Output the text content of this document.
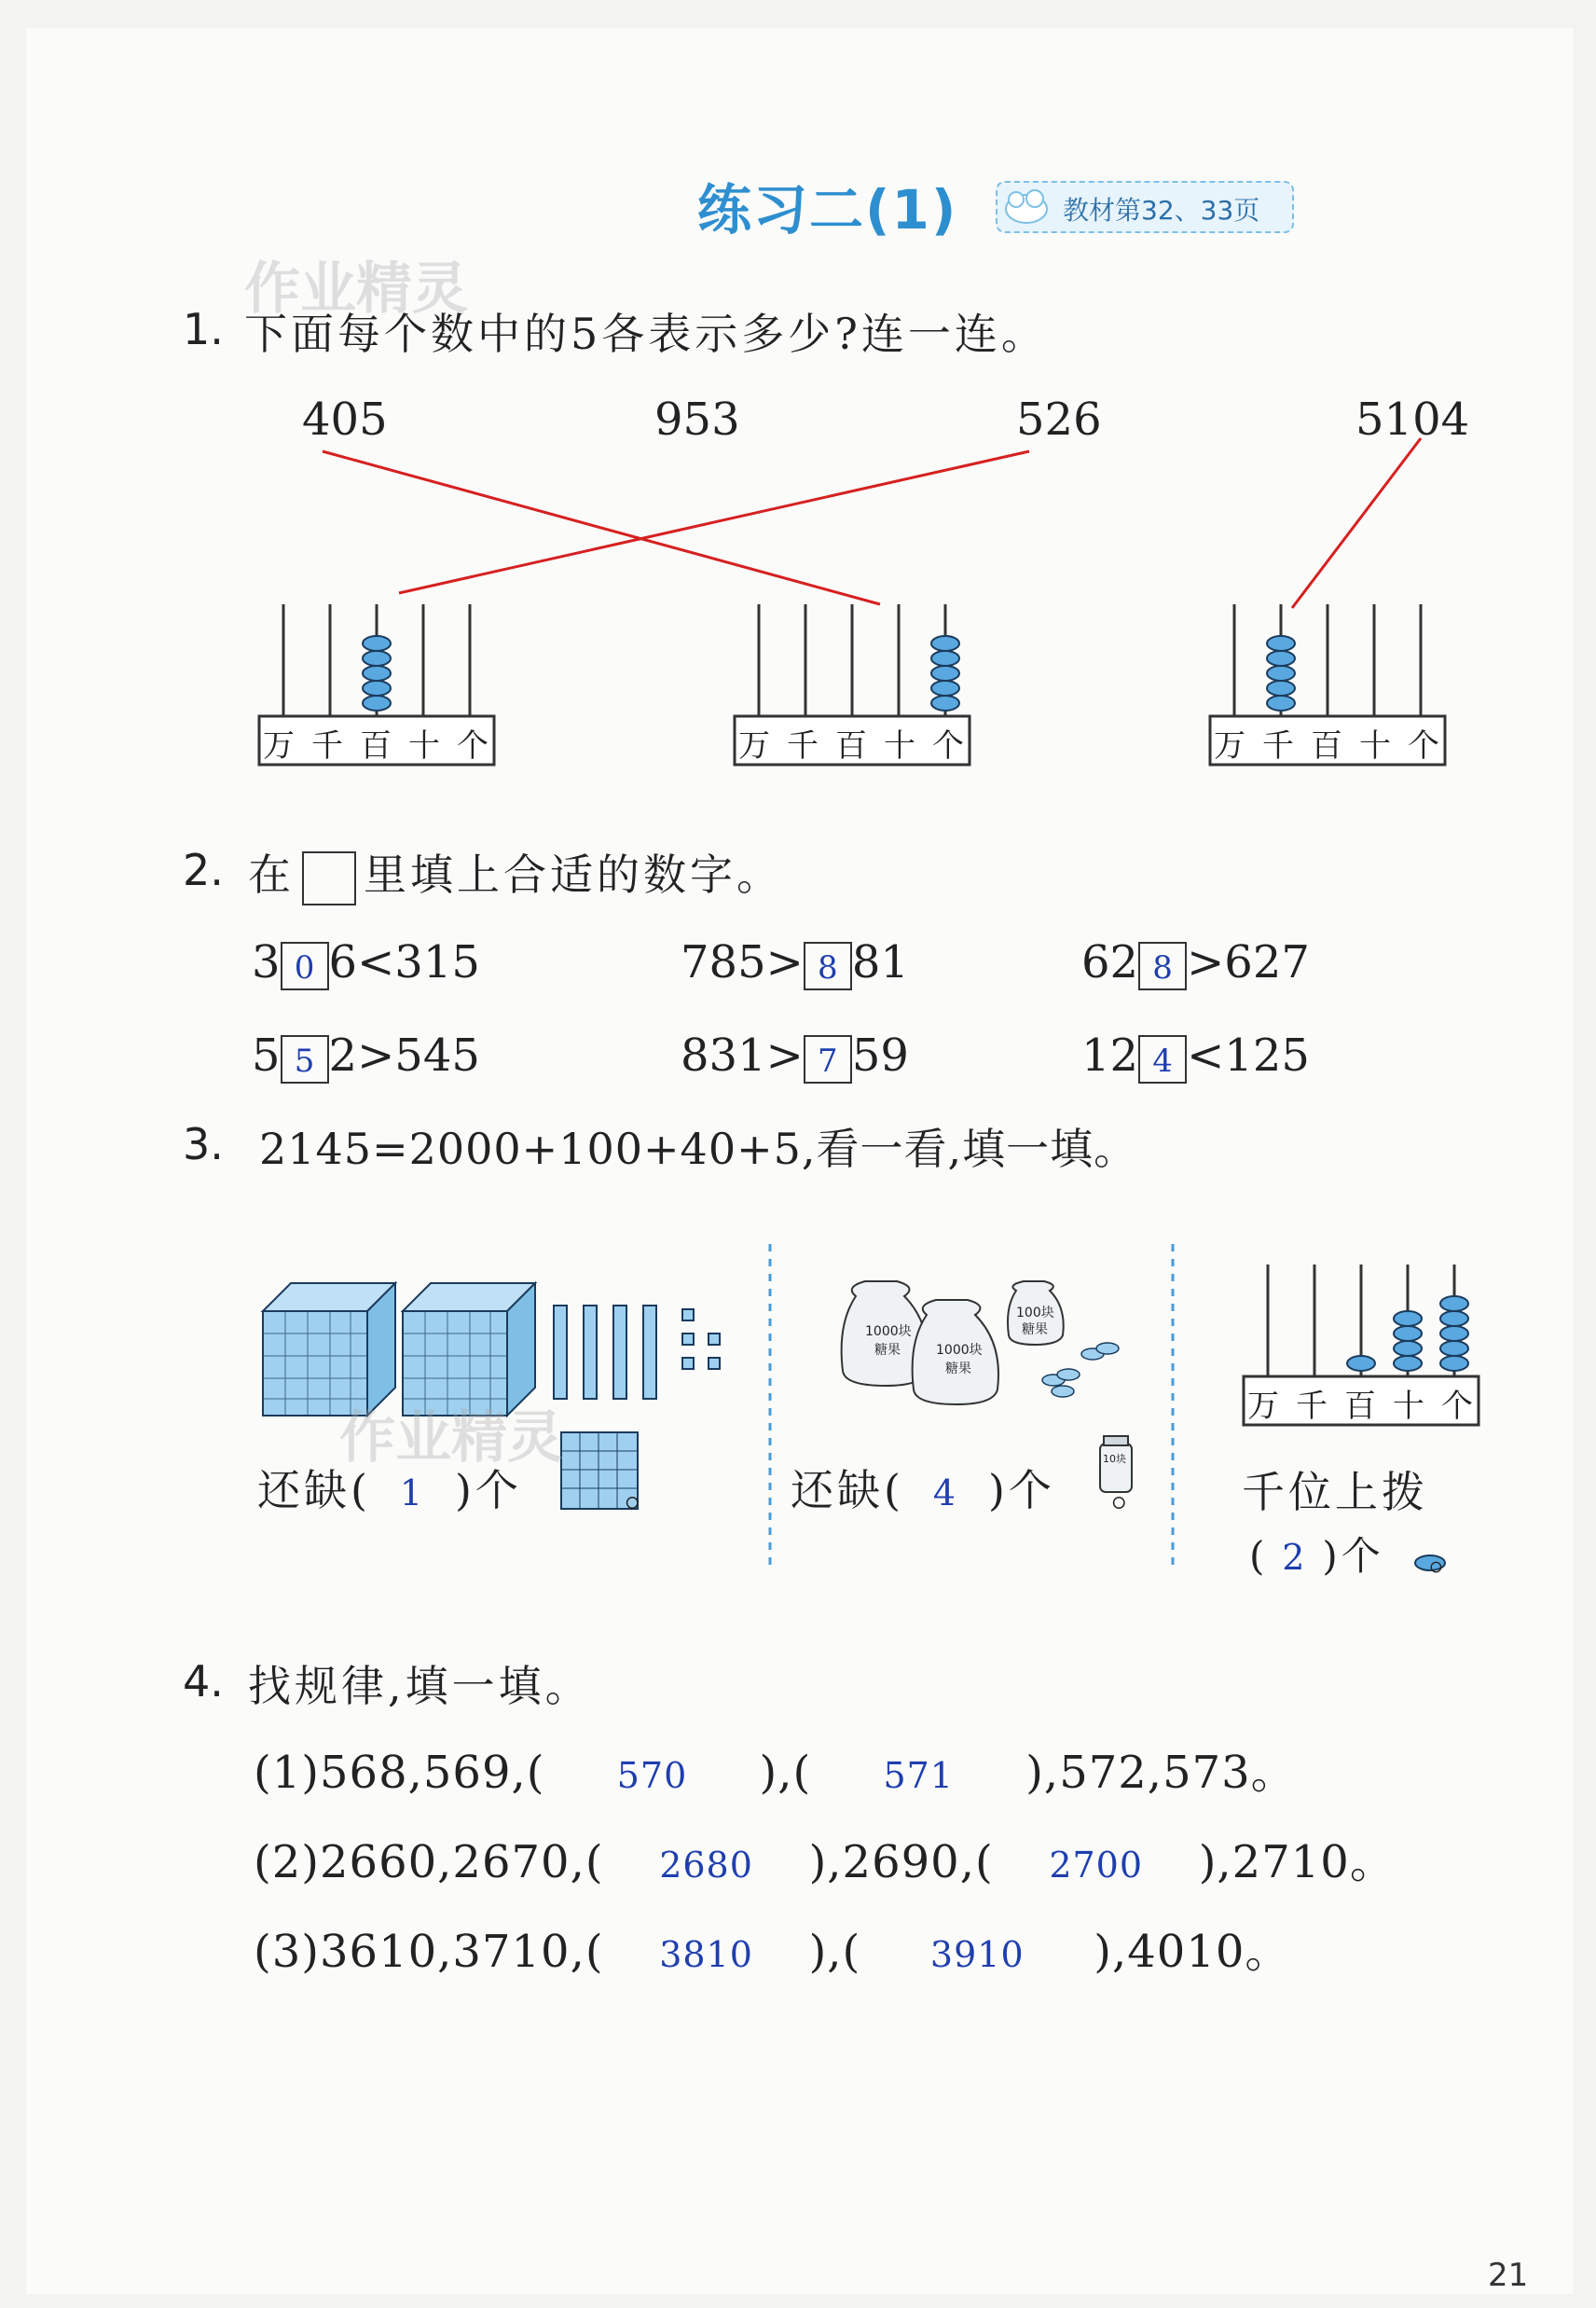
练习二(1)	教材第32、33页
作业精灵
1. 下面每个数中的5各表示多少?连一连。
405	953	526	5104
1000块
糖果	1000块
糖果
100块
糖果
10块
万千百十个	万千百十个	万千百十个
万千百十个
2. 在 里填上合适的数字。
3 0 6<315	785> 8 81	62 8 >627
5 5 2>545	831> 7 59	12 4 <125
3. 2145=2000+100+40+5,看一看,填一填。
还缺( 1 )个 。	还缺( 4 )个 。 千位上拨
( 2 )个 。
作业精灵
4. 找规律,填一填。
(1)568,569,( 570 ),( 571 ),572,573。
(2)2660,2670,( 2680 ),2690,( 2700 ),2710。
(3)3610,3710,( 3810 ),( 3910 ),4010。
21
